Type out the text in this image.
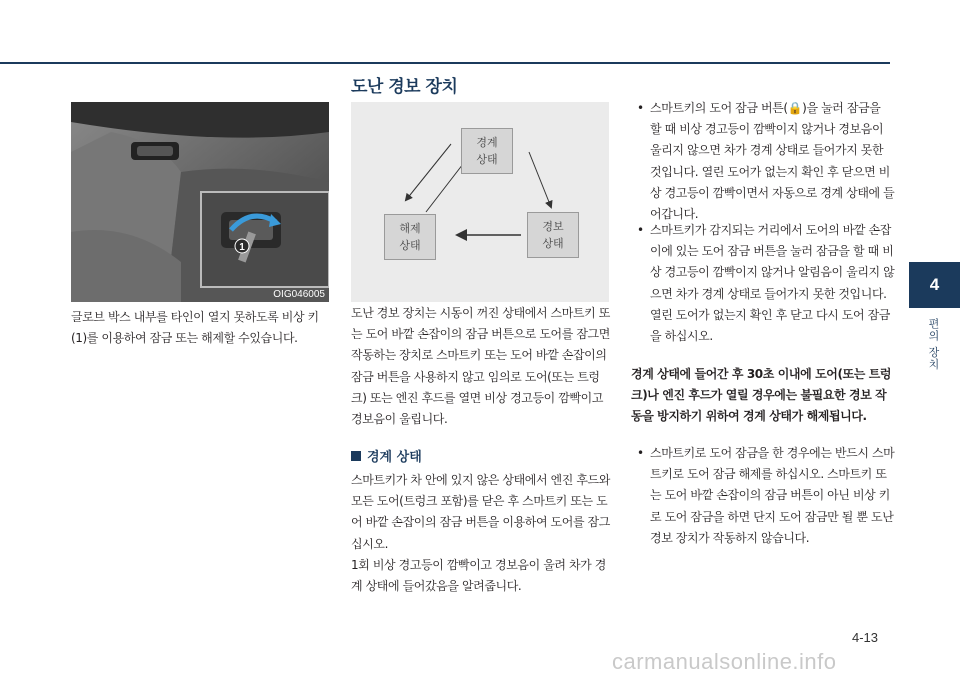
도난 경보 장치
1
OIG046005

글로브 박스 내부를 타인이 열지 못하도록 비상 키 (1)를 이용하여 잠금 또는 해제할 수있습니다.

경계
상태
경보
상태
해제
상태

도난 경보 장치는 시동이 꺼진 상태에서 스마트키 또는 도어 바깥 손잡이의 잠금 버튼으로 도어를 잠그면 작동하는 장치로 스마트키 또는 도어 바깥 손잡이의 잠금 버튼을 사용하지 않고 임의로 도어(또는 트렁크) 또는 엔진 후드를 열면 비상 경고등이 깜빡이고 경보음이 울립니다.

경계 상태
스마트키가 차 안에 있지 않은 상태에서 엔진 후드와 모든 도어(트렁크 포함)를 닫은 후 스마트키 또는 도어 바깥 손잡이의 잠금 버튼을 이용하여 도어를 잠그십시오.
1회 비상 경고등이 깜빡이고 경보음이 울려 차가 경계 상태에 들어갔음을 알려줍니다.
• 스마트키의 도어 잠금 버튼(🔒)을 눌러 잠금을 할 때 비상 경고등이 깜빡이지 않거나 경보음이 울리지 않으면 차가 경계 상태로 들어가지 못한 것입니다. 열린 도어가 없는지 확인 후 닫으면 비상 경고등이 깜빡이면서 자동으로 경계 상태에 들어갑니다.
• 스마트키가 감지되는 거리에서 도어의 바깥 손잡이에 있는 도어 잠금 버튼을 눌러 잠금을 할 때 비상 경고등이 깜빡이지 않거나 알림음이 울리지 않으면 차가 경계 상태로 들어가지 못한 것입니다. 열린 도어가 없는지 확인 후 닫고 다시 도어 잠금을 하십시오.

경계 상태에 들어간 후 30초 이내에 도어(또는 트렁크)나 엔진 후드가 열릴 경우에는 불필요한 경보 작동을 방지하기 위하여 경계 상태가 해제됩니다.

• 스마트키로 도어 잠금을 한 경우에는 반드시 스마트키로 도어 잠금 해제를 하십시오. 스마트키 또는 도어 바깥 손잡이의 잠금 버튼이 아닌 비상 키로 도어 잠금을 하면 단지 도어 잠금만 될 뿐 도난 경보 장치가 작동하지 않습니다.
4
편의 장치
4-13
carmanualsonline.info
